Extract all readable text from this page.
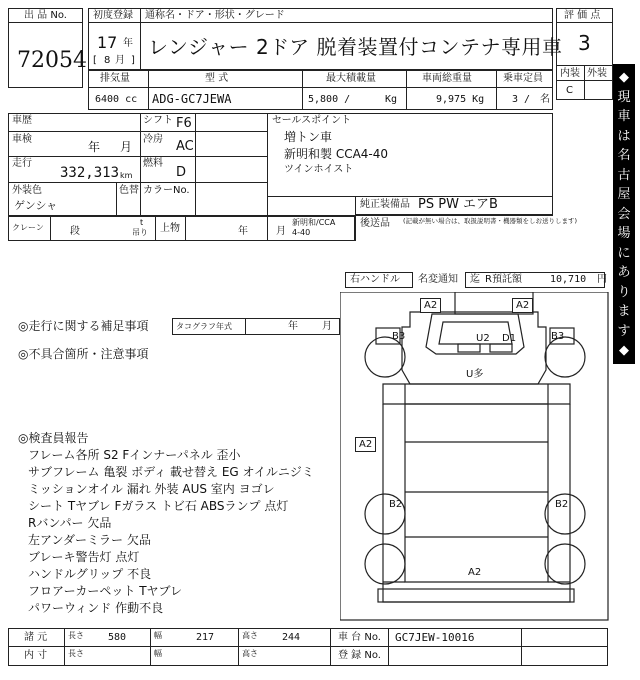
出 品 No.
72054
初度登録 通称名・ドア・形状・グレード
17 年
[ 8 月 ]
レンジャー 2ドア 脱着装置付コンテナ専用車
排気量	型 式	最大積載量	車両総重量	乗車定員
6400 cc ADG-GC7JEWA	5,800 /	Kg	9,975 Kg	3 / 名
評 価 点
3
内装 外装
C
車歴	シフト F6
車検
年 月
冷房 AC
走行
332,313 km
燃料
D
外装色
ゲンシャ
色替 カラーNo.
セールスポイント
増トン車
新明和製 CCA4-40
ツインホイスト
純正装備品 PS PW エアB
後送品 (記載が無い場合は、取扱説明書・機器類をしお送りします)
クレーン	段
t
吊り 上物	年	月
新明和/CCA
4-40
右ハンドル 名変通知 迄 R預託額	10,710 円
◎走行に関する補足事項	タコグラフ年式	年 月
◎不具合箇所・注意事項
◎検査員報告
フレーム各所 S2 Fインナーパネル 歪小
サブフレーム 亀裂 ボディ 載せ替え EG オイルニジミ
ミッションオイル 漏れ 外装 AUS 室内 ヨゴレ
シート Tヤブレ Fガラス トビ石 ABSランプ 点灯
Rバンパー 欠品
左アンダーミラー 欠品
ブレーキ警告灯 点灯
ハンドルグリップ 不良
フロアーカーペット Tヤブレ
パワーウィンド 作動不良
A2	A2
U2 D1
B3	B3
U多
A2
B2	B2
A2
諸 元	長さ 580	幅	217	高さ 244	車 台 No. GC7JEW-10016
内 寸	長さ	幅	高さ	登 録 No.
◆
現
車
は
名
古
屋
会
場
に
あ
り
ま
す
◆
